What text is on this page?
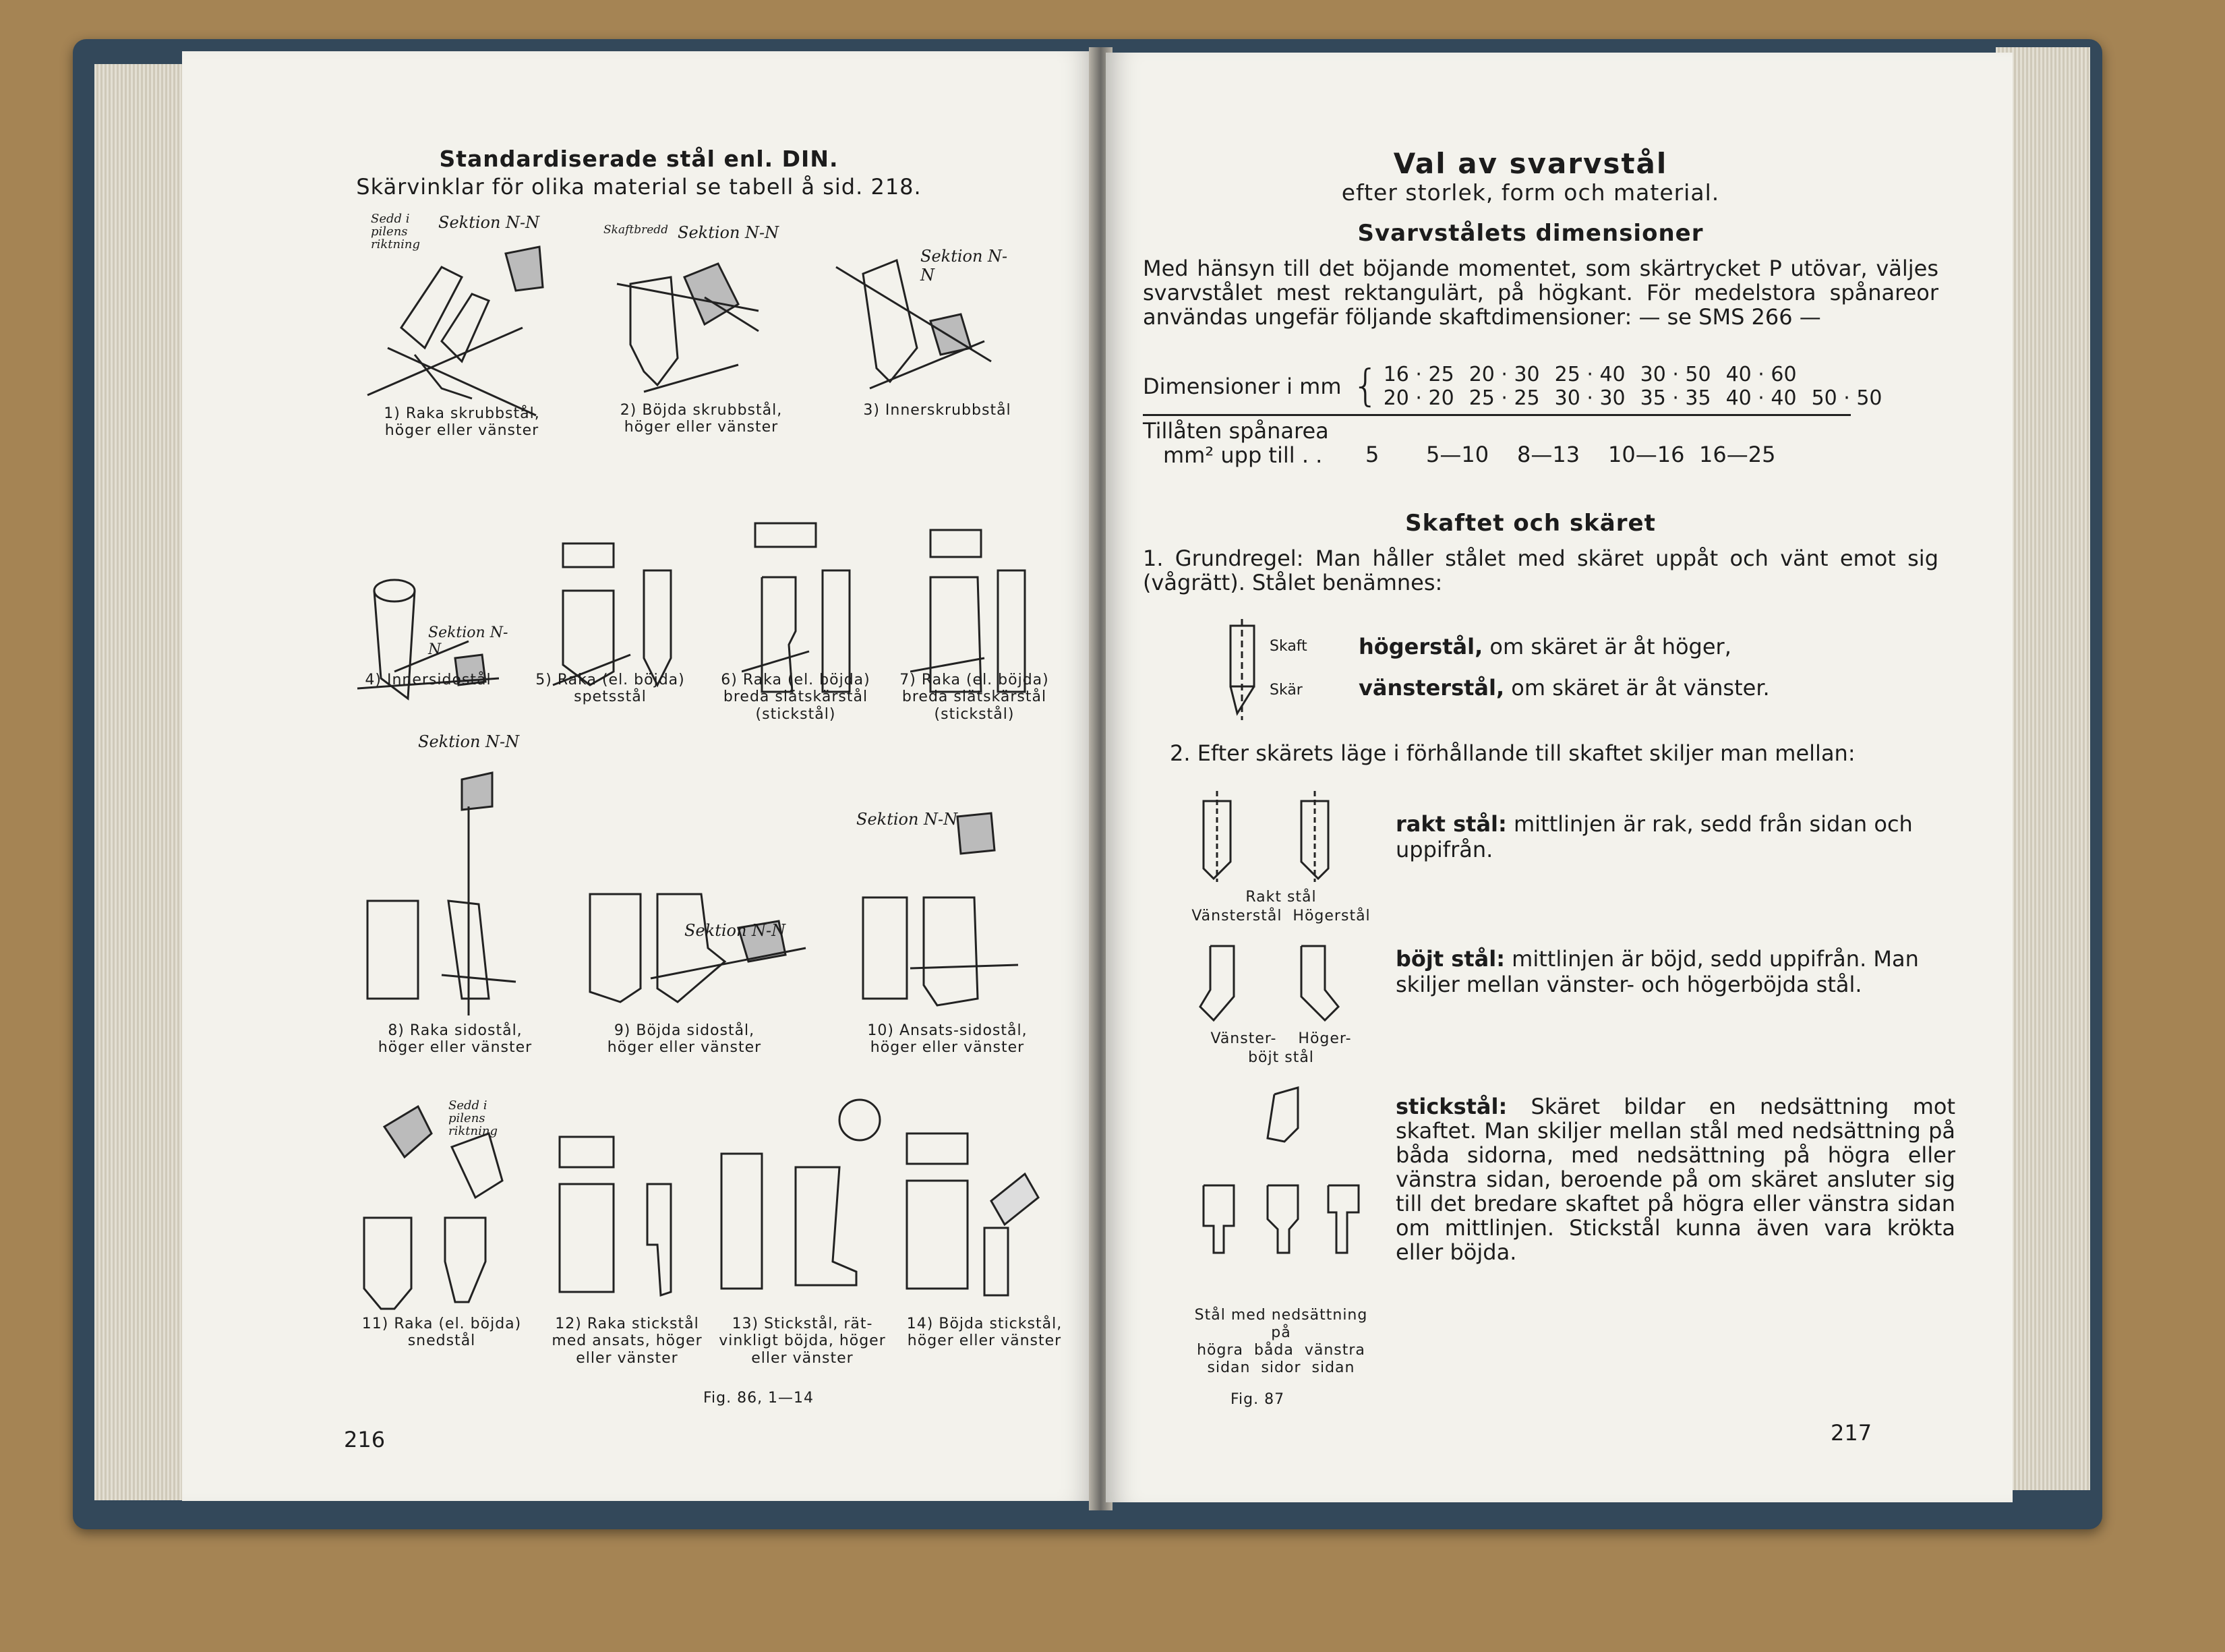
Standardiserade stål enl. DIN.
Skärvinklar för olika material se tabell å sid. 218.
Sedd i
pilens
riktning
Sektion N-N
1) Raka skrubbstål,
höger eller vänster
Skaftbredd Sektion N-N
2) Böjda skrubbstål,
höger eller vänster
Sektion N-N
3) Innerskrubbstål
Sektion N-N
4) Innersidostål	5) Raka (el. böjda)
spetsstål
6) Raka (el. böjda)
breda slätskärstål
(stickstål)
7) Raka (el. böjda)
breda slätskärstål
(stickstål)
Sektion N-N
8) Raka sidostål,
höger eller vänster
Sektion N-N
9) Böjda sidostål,
höger eller vänster
Sektion N-N
10) Ansats-sidostål,
höger eller vänster
Sedd i
pilens
riktning
11) Raka (el. böjda)
snedstål
12) Raka stickstål
med ansats, höger
eller vänster
13) Stickstål, rät-
vinkligt böjda, höger
eller vänster
14) Böjda stickstål,
höger eller vänster
Fig. 86, 1—14
216
Val av svarvstål
efter storlek, form och material.
Svarvstålets dimensioner
Med hänsyn till det böjande momentet, som skärtrycket P utövar, väljes svarvstålet mest rektangulärt, på högkant. För medelstora spånareor användas ungefär följande skaftdimensioner: — se SMS 266 —
Dimensioner i mm { 16 · 25 20 · 30 25 · 40 30 · 50 40 · 60
20 · 20 25 · 25 30 · 30 35 · 35 40 · 40 50 · 50
Tillåten spånarea
mm² upp till . .	5	5—10	8—13	10—16 16—25
Skaftet och skäret
1. Grundregel: Man håller stålet med skäret uppåt och vänt emot sig (vågrätt). Stålet benämnes:
Skaft
Skär
högerstål, om skäret är åt höger,
vänsterstål, om skäret är åt vänster.
2. Efter skärets läge i förhållande till skaftet skiljer man mellan:
Rakt stål
Vänsterstål  Högerstål
rakt stål: mittlinjen är rak, sedd från sidan och uppifrån.
Vänster-    Höger-
böjt stål
böjt stål: mittlinjen är böjd, sedd uppifrån. Man skiljer mellan vänster- och högerböjda stål.
Stål med nedsättning
på
högra  båda  vänstra
sidan  sidor  sidan
stickstål: Skäret bildar en nedsättning mot skaftet. Man skiljer mellan stål med nedsättning på båda sidorna, med nedsättning på högra eller vänstra sidan, beroende på om skäret ansluter sig till det bredare skaftet på högra eller vänstra sidan om mittlinjen. Stickstål kunna även vara krökta eller böjda.
Fig. 87
217
